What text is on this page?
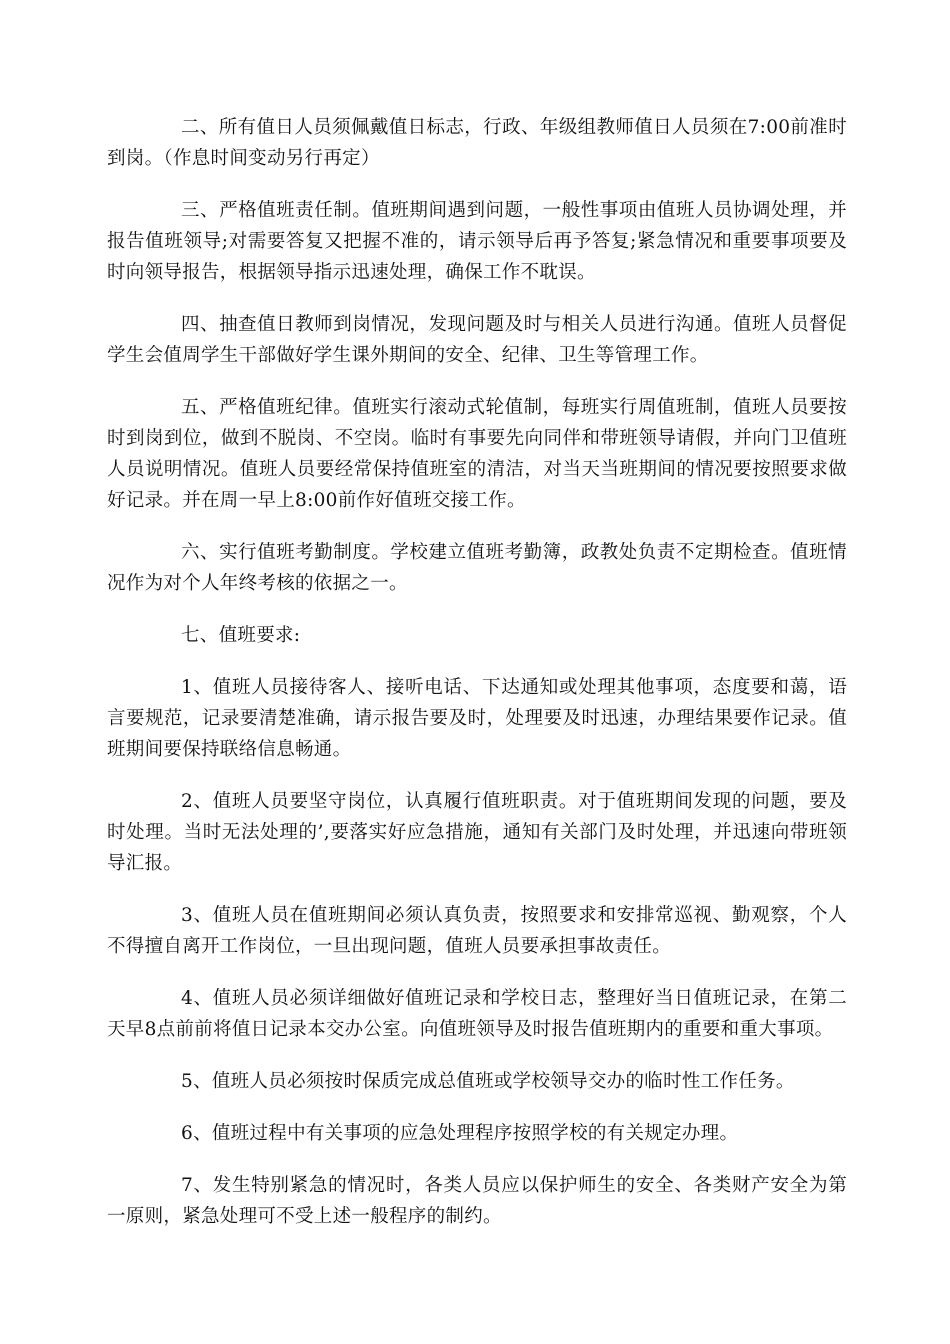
二、所有值日人员须佩戴值日标志，行政、年级组教师值日人员须在7:00前准时到岗。（作息时间变动另行再定）

三、严格值班责任制。值班期间遇到问题，一般性事项由值班人员协调处理，并报告值班领导;对需要答复又把握不准的，请示领导后再予答复;紧急情况和重要事项要及时向领导报告，根据领导指示迅速处理，确保工作不耽误。

四、抽查值日教师到岗情况，发现问题及时与相关人员进行沟通。值班人员督促学生会值周学生干部做好学生课外期间的安全、纪律、卫生等管理工作。

五、严格值班纪律。值班实行滚动式轮值制，每班实行周值班制，值班人员要按时到岗到位，做到不脱岗、不空岗。临时有事要先向同伴和带班领导请假，并向门卫值班人员说明情况。值班人员要经常保持值班室的清洁，对当天当班期间的情况要按照要求做好记录。并在周一早上8:00前作好值班交接工作。

六、实行值班考勤制度。学校建立值班考勤簿，政教处负责不定期检查。值班情况作为对个人年终考核的依据之一。

七、值班要求:

1、值班人员接待客人、接听电话、下达通知或处理其他事项，态度要和蔼，语言要规范，记录要清楚准确，请示报告要及时，处理要及时迅速，办理结果要作记录。值班期间要保持联络信息畅通。

2、值班人员要坚守岗位，认真履行值班职责。对于值班期间发现的问题，要及时处理。当时无法处理的’,要落实好应急措施，通知有关部门及时处理，并迅速向带班领导汇报。

3、值班人员在值班期间必须认真负责，按照要求和安排常巡视、勤观察，个人不得擅自离开工作岗位，一旦出现问题，值班人员要承担事故责任。

4、值班人员必须详细做好值班记录和学校日志，整理好当日值班记录，在第二天早8点前前将值日记录本交办公室。向值班领导及时报告值班期内的重要和重大事项。

5、值班人员必须按时保质完成总值班或学校领导交办的临时性工作任务。

6、值班过程中有关事项的应急处理程序按照学校的有关规定办理。

7、发生特别紧急的情况时，各类人员应以保护师生的安全、各类财产安全为第一原则，紧急处理可不受上述一般程序的制约。
